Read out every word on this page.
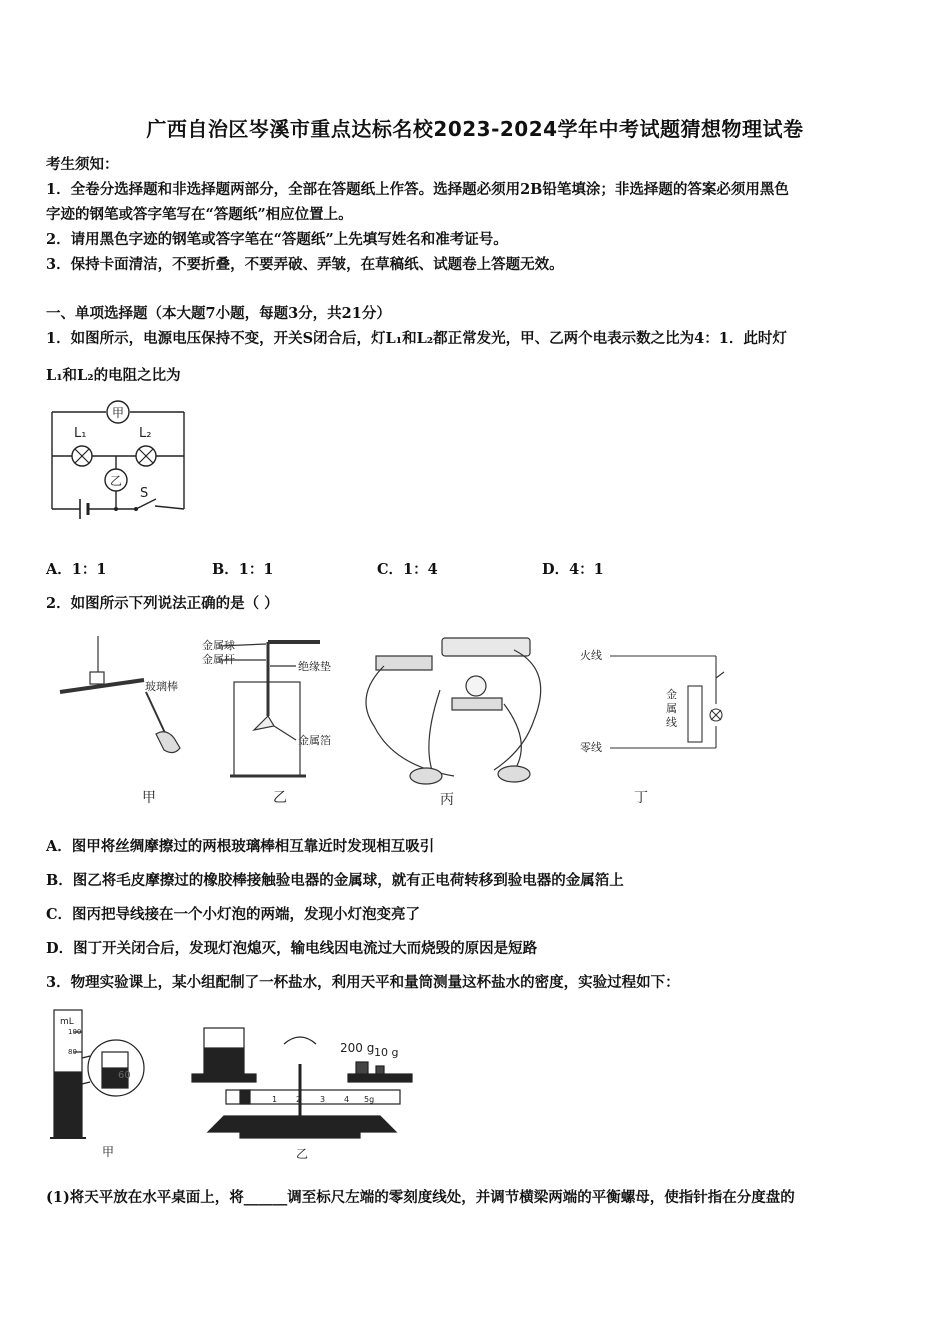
广西自治区岑溪市重点达标名校2023-2024学年中考试题猜想物理试卷
考生须知：
1．全卷分选择题和非选择题两部分，全部在答题纸上作答。选择题必须用2B铅笔填涂；非选择题的答案必须用黑色
字迹的钢笔或答字笔写在“答题纸”相应位置上。
2．请用黑色字迹的钢笔或答字笔在“答题纸”上先填写姓名和准考证号。
3．保持卡面清洁，不要折叠，不要弄破、弄皱，在草稿纸、试题卷上答题无效。
一、单项选择题（本大题7小题，每题3分，共21分）
1．如图所示，电源电压保持不变，开关S闭合后，灯L₁和L₂都正常发光，甲、乙两个电表示数之比为4：1．此时灯
L₁和L₂的电阻之比为
甲
乙
L₁	L₂
S
A．1：1	B．1：1	C．1：4	D．4：1
2．如图所示下列说法正确的是（ ）
玻璃棒
金属球
金属杆
绝缘垫
金属箔
火线
零线
金
属
线
甲	乙	丙	丁
A．图甲将丝绸摩擦过的两根玻璃棒相互靠近时发现相互吸引
B．图乙将毛皮摩擦过的橡胶棒接触验电器的金属球，就有正电荷转移到验电器的金属箔上
C．图丙把导线接在一个小灯泡的两端，发现小灯泡变亮了
D．图丁开关闭合后，发现灯泡熄灭，输电线因电流过大而烧毁的原因是短路
3．物理实验课上，某小组配制了一杯盐水，利用天平和量筒测量这杯盐水的密度，实验过程如下：
mL
100
80
60
200 g 10 g
0	1 2 3 4 5g
甲	乙
(1)将天平放在水平桌面上，将______调至标尺左端的零刻度线处，并调节横梁两端的平衡螺母，使指针指在分度盘的
